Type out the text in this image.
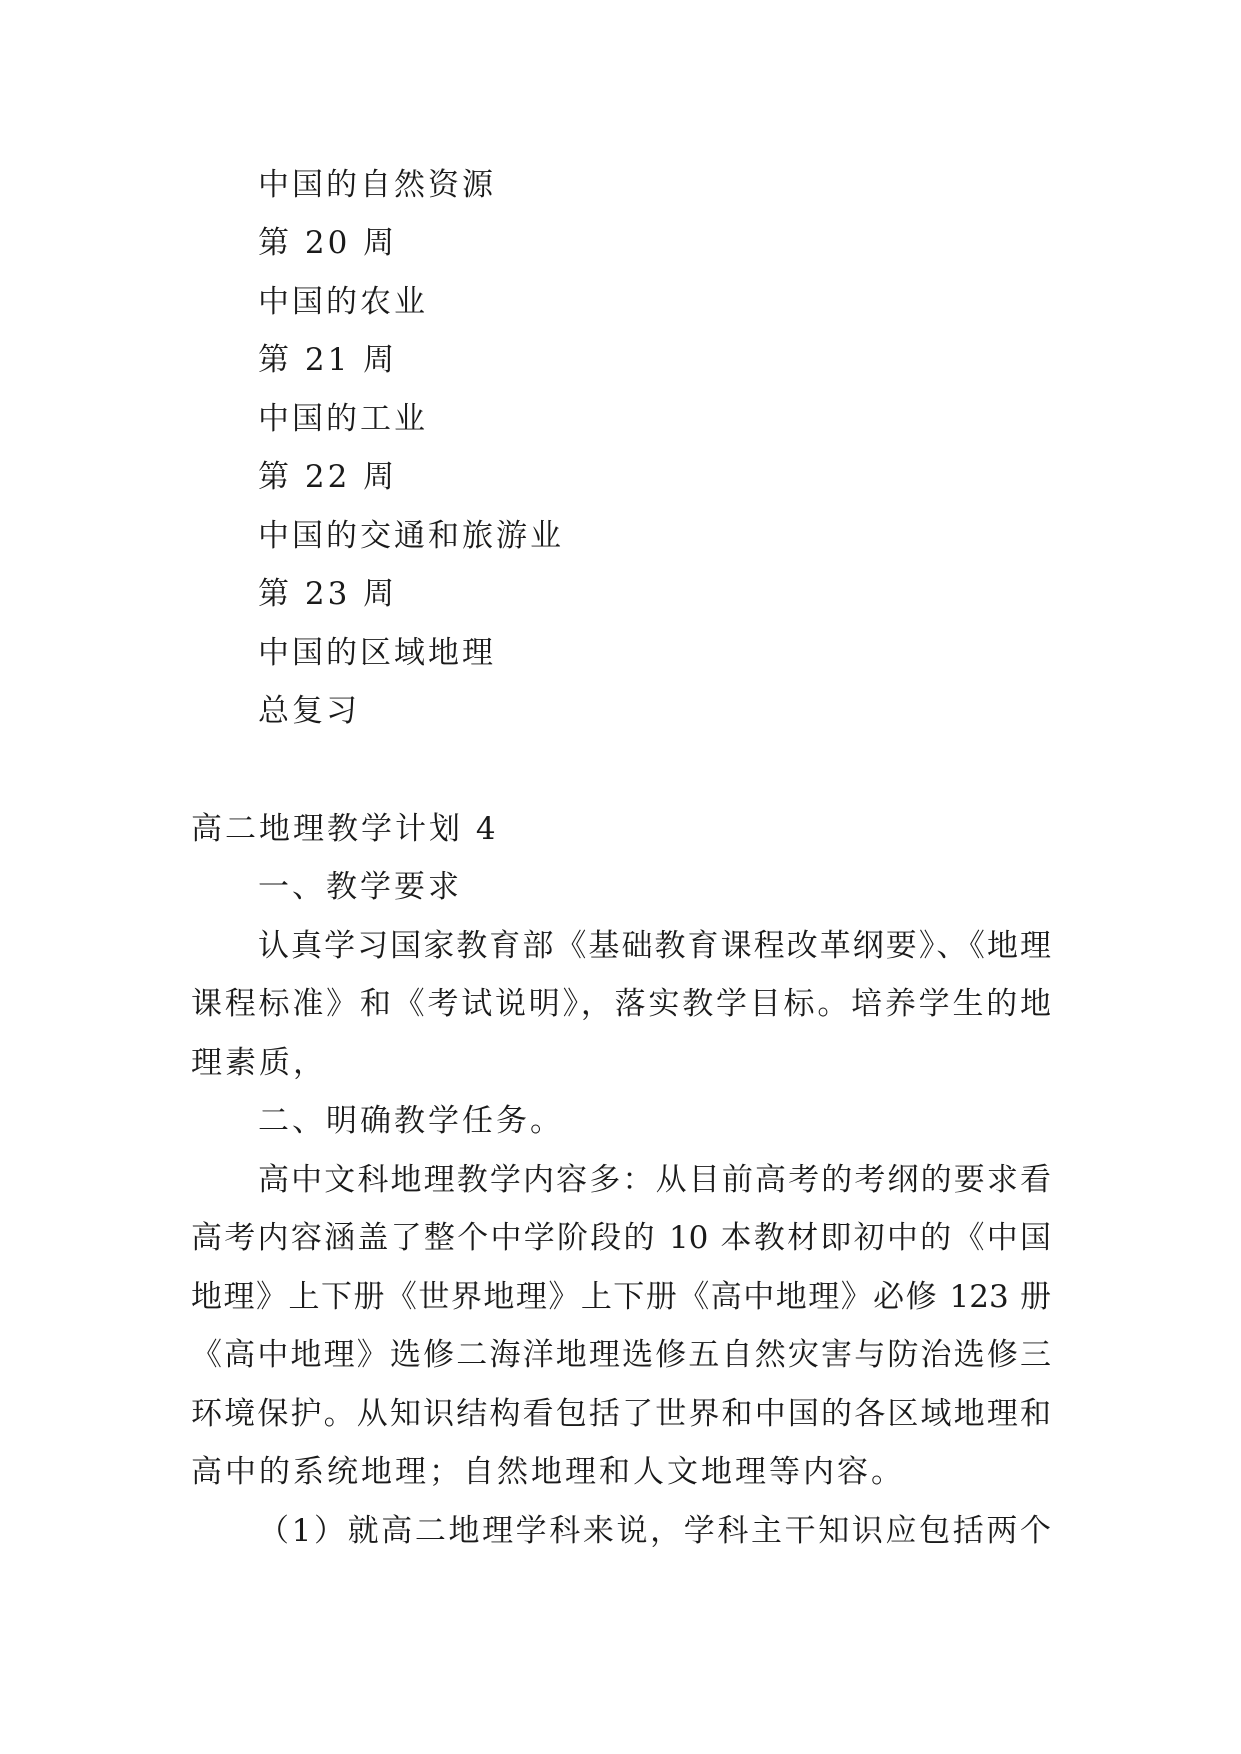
中国的自然资源
第 20 周
中国的农业
第 21 周
中国的工业
第 22 周
中国的交通和旅游业
第 23 周
中国的区域地理
总复习
高二地理教学计划 4
一、教学要求
认真学习国家教育部《基础教育课程改革纲要》、《地理
课程标准》和《考试说明》，落实教学目标。培养学生的地
理素质，
二、明确教学任务。
高中文科地理教学内容多：从目前高考的考纲的要求看
高考内容涵盖了整个中学阶段的 10 本教材即初中的《中国
地理》上下册《世界地理》上下册《高中地理》必修 123 册
《高中地理》选修二海洋地理选修五自然灾害与防治选修三
环境保护。从知识结构看包括了世界和中国的各区域地理和
高中的系统地理；自然地理和人文地理等内容。
（1）就高二地理学科来说，学科主干知识应包括两个
